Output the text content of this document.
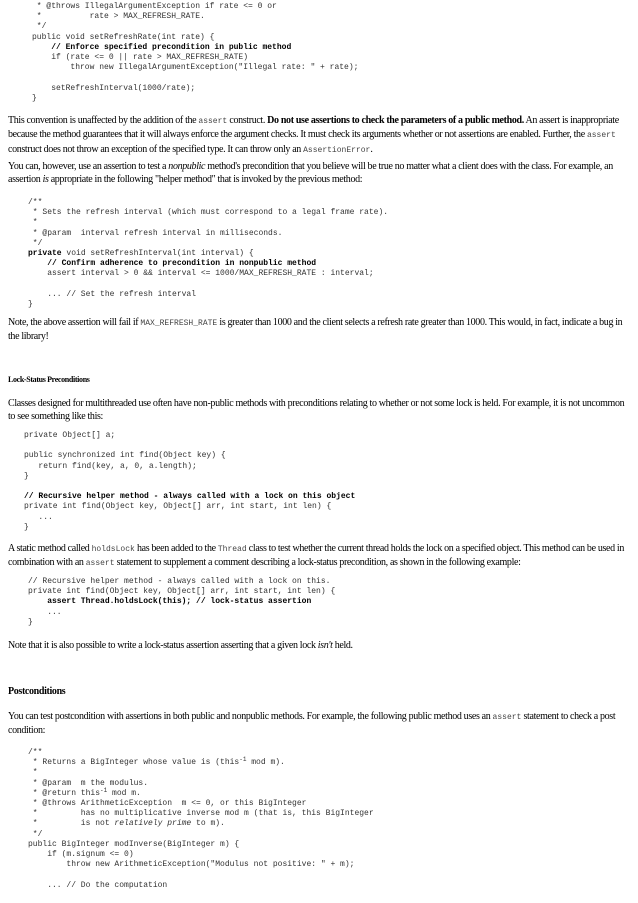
* @throws IllegalArgumentException if rate <= 0 or
*          rate > MAX_REFRESH_RATE.
*/
public void setRefreshRate(int rate) {
// Enforce specified precondition in public method
if (rate <= 0 || rate > MAX_REFRESH_RATE)
throw new IllegalArgumentException("Illegal rate: " + rate);

setRefreshInterval(1000/rate);
}

This convention is unaffected by the addition of the assert construct. Do not use assertions to check the parameters of a public method. An assert is inappropriate because the method guarantees that it will always enforce the argument checks. It must check its arguments whether or not assertions are enabled. Further, the assert construct does not throw an exception of the specified type. It can throw only an AssertionError.

You can, however, use an assertion to test a nonpublic method's precondition that you believe will be true no matter what a client does with the class. For example, an assertion is appropriate in the following "helper method" that is invoked by the previous method:

/**
* Sets the refresh interval (which must correspond to a legal frame rate).
*
* @param  interval refresh interval in milliseconds.
*/
private void setRefreshInterval(int interval) {
// Confirm adherence to precondition in nonpublic method
assert interval > 0 && interval <= 1000/MAX_REFRESH_RATE : interval;

... // Set the refresh interval
}

Note, the above assertion will fail if MAX_REFRESH_RATE is greater than 1000 and the client selects a refresh rate greater than 1000. This would, in fact, indicate a bug in the library!

Lock-Status Preconditions

Classes designed for multithreaded use often have non-public methods with preconditions relating to whether or not some lock is held. For example, it is not uncommon to see something like this:

private Object[] a;

public synchronized int find(Object key) {
return find(key, a, 0, a.length);
}

// Recursive helper method - always called with a lock on this object
private int find(Object key, Object[] arr, int start, int len) {
...
}

A static method called holdsLock has been added to the Thread class to test whether the current thread holds the lock on a specified object. This method can be used in combination with an assert statement to supplement a comment describing a lock-status precondition, as shown in the following example:

// Recursive helper method - always called with a lock on this.
private int find(Object key, Object[] arr, int start, int len) {
assert Thread.holdsLock(this); // lock-status assertion
...
}

Note that it is also possible to write a lock-status assertion asserting that a given lock isn't held.

Postconditions

You can test postcondition with assertions in both public and nonpublic methods. For example, the following public method uses an assert statement to check a post condition:

/**
* Returns a BigInteger whose value is (this$^{-1}$ mod m).
*
* @param  m the modulus.
* @return this$^{-1}$ mod m.
* @throws ArithmeticException  m <= 0, or this BigInteger
*         has no multiplicative inverse mod m (that is, this BigInteger
*         is not relatively prime to m).
*/
public BigInteger modInverse(BigInteger m) {
if (m.signum <= 0)
throw new ArithmeticException("Modulus not positive: " + m);

... // Do the computation
